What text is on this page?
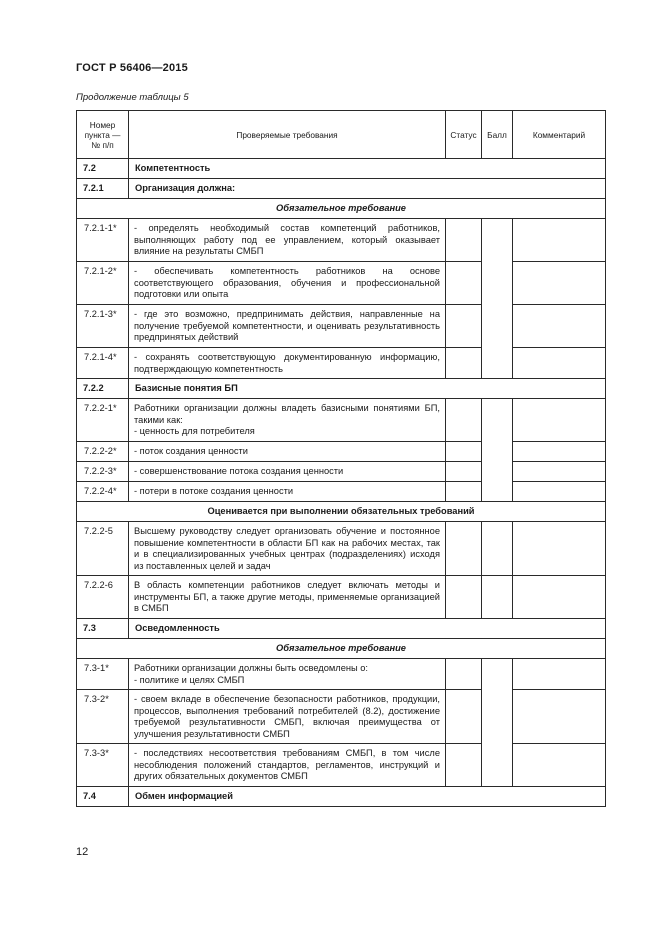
ГОСТ Р 56406—2015
Продолжение таблицы 5
Номер пункта — № п/п	Проверяемые требования	Статус	Балл	Комментарий
7.2	Компетентность			
7.2.1	Организация должна:			
Обязательное требование				
7.2.1-1*	- определять необходимый состав компетенций работников, выполняющих работу под ее управлением, который оказывает влияние на результаты СМБП			
7.2.1-2*	- обеспечивать компетентность работников на основе соответствующего образования, обучения и профессиональной подготовки или опыта			
7.2.1-3*	- где это возможно, предпринимать действия, направленные на получение требуемой компетентности, и оценивать результативность предпринятых действий			
7.2.1-4*	- сохранять соответствующую документированную информацию, подтверждающую компетентность			
7.2.2	Базисные понятия БП			
7.2.2-1*	Работники организации должны владеть базисными понятиями БП, такими как:
- ценность для потребителя			
7.2.2-2*	- поток создания ценности			
7.2.2-3*	- совершенствование потока создания ценности			
7.2.2-4*	- потери в потоке создания ценности			
Оценивается при выполнении обязательных требований				
7.2.2-5	Высшему руководству следует организовать обучение и постоянное повышение компетентности в области БП как на рабочих местах, так и в специализированных учебных центрах (подразделениях) исходя из поставленных целей и задач			
7.2.2-6	В область компетенции работников следует включать методы и инструменты БП, а также другие методы, применяемые организацией в СМБП			
7.3	Осведомленность			
Обязательное требование				
7.3-1*	Работники организации должны быть осведомлены о:
- политике и целях СМБП			
7.3-2*	- своем вкладе в обеспечение безопасности работников, продукции, процессов, выполнения требований потребителей (8.2), достижение требуемой результативности СМБП, включая преимущества от улучшения результативности СМБП			
7.3-3*	- последствиях несоответствия требованиям СМБП, в том числе несоблюдения положений стандартов, регламентов, инструкций и других обязательных документов СМБП			
7.4	Обмен информацией			
12
